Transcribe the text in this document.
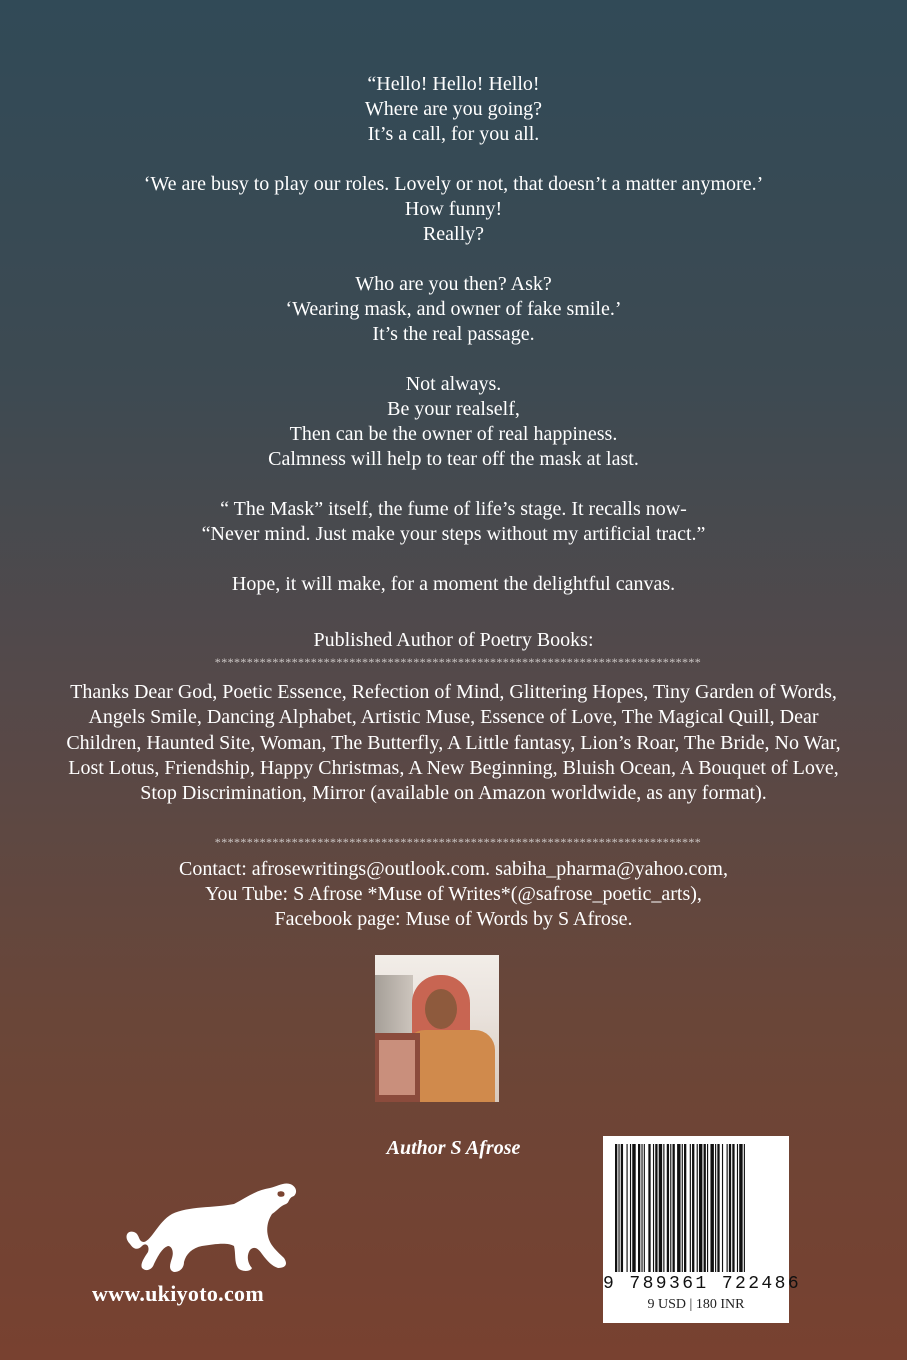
“Hello! Hello! Hello!
Where are you going?
It’s a call, for you all.
‘We are busy to play our roles. Lovely or not, that doesn’t a matter anymore.’
How funny!
Really?
Who are you then? Ask?
‘Wearing mask, and owner of fake smile.’
It’s the real passage.
Not always.
Be your realself,
Then can be the owner of real happiness.
Calmness will help to tear off the mask at last.
“ The Mask” itself, the fume of life’s stage. It recalls now-
“Never mind. Just make your steps without my artificial tract.”
Hope, it will make, for a moment the delightful canvas.
Published Author of Poetry Books:
****************************************************************************
Thanks Dear God, Poetic Essence, Refection of Mind, Glittering Hopes, Tiny Garden of Words, Angels Smile, Dancing Alphabet, Artistic Muse, Essence of Love, The Magical Quill, Dear Children, Haunted Site, Woman, The Butterfly, A Little fantasy, Lion’s Roar, The Bride, No War, Lost Lotus, Friendship, Happy Christmas, A New Beginning, Bluish Ocean, A Bouquet of Love, Stop Discrimination, Mirror (available on Amazon worldwide, as any format).
****************************************************************************
Contact: afrosewritings@outlook.com. sabiha_pharma@yahoo.com,
You Tube: S Afrose *Muse of Writes*(@safrose_poetic_arts),
Facebook page: Muse of Words by S Afrose.
Author S Afrose
www.ukiyoto.com	9 789361 722486
9 USD | 180 INR
